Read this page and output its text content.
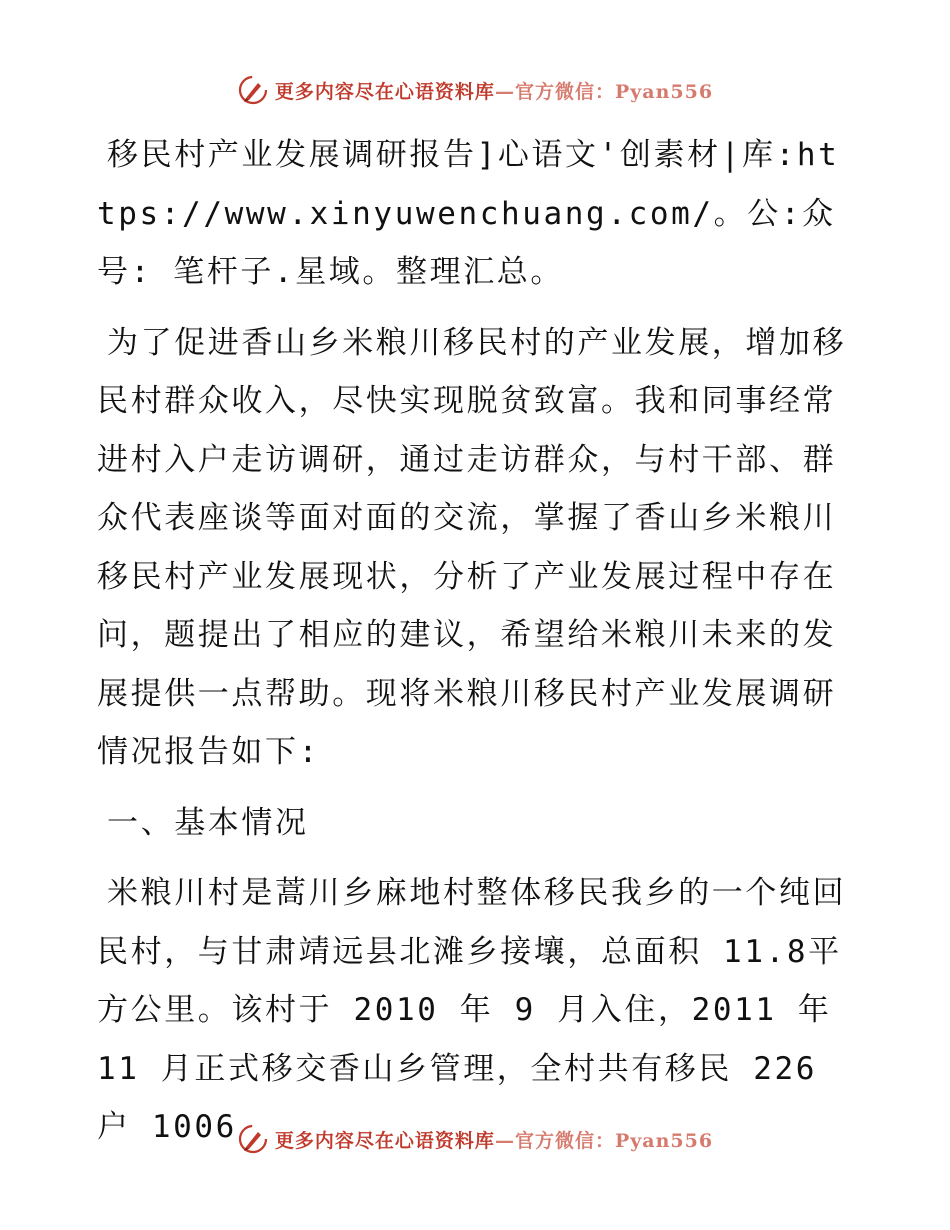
更多内容尽在心语资料库—官方微信：Pyan556

移民村产业发展调研报告]心语文'创素材|库:https://www.xinyuwenchuang.com/。公:众号: 笔杆子.星域。整理汇总。

为了促进香山乡米粮川移民村的产业发展，增加移民村群众收入，尽快实现脱贫致富。我和同事经常进村入户走访调研，通过走访群众，与村干部、群众代表座谈等面对面的交流，掌握了香山乡米粮川移民村产业发展现状，分析了产业发展过程中存在问，题提出了相应的建议，希望给米粮川未来的发展提供一点帮助。现将米粮川移民村产业发展调研情况报告如下:

一、基本情况

米粮川村是蒿川乡麻地村整体移民我乡的一个纯回民村，与甘肃靖远县北滩乡接壤，总面积 11.8平方公里。该村于 2010 年 9 月入住，2011 年 11 月正式移交香山乡管理，全村共有移民 226 户 1006	更多内容尽在心语资料库—官方微信：Pyan556
